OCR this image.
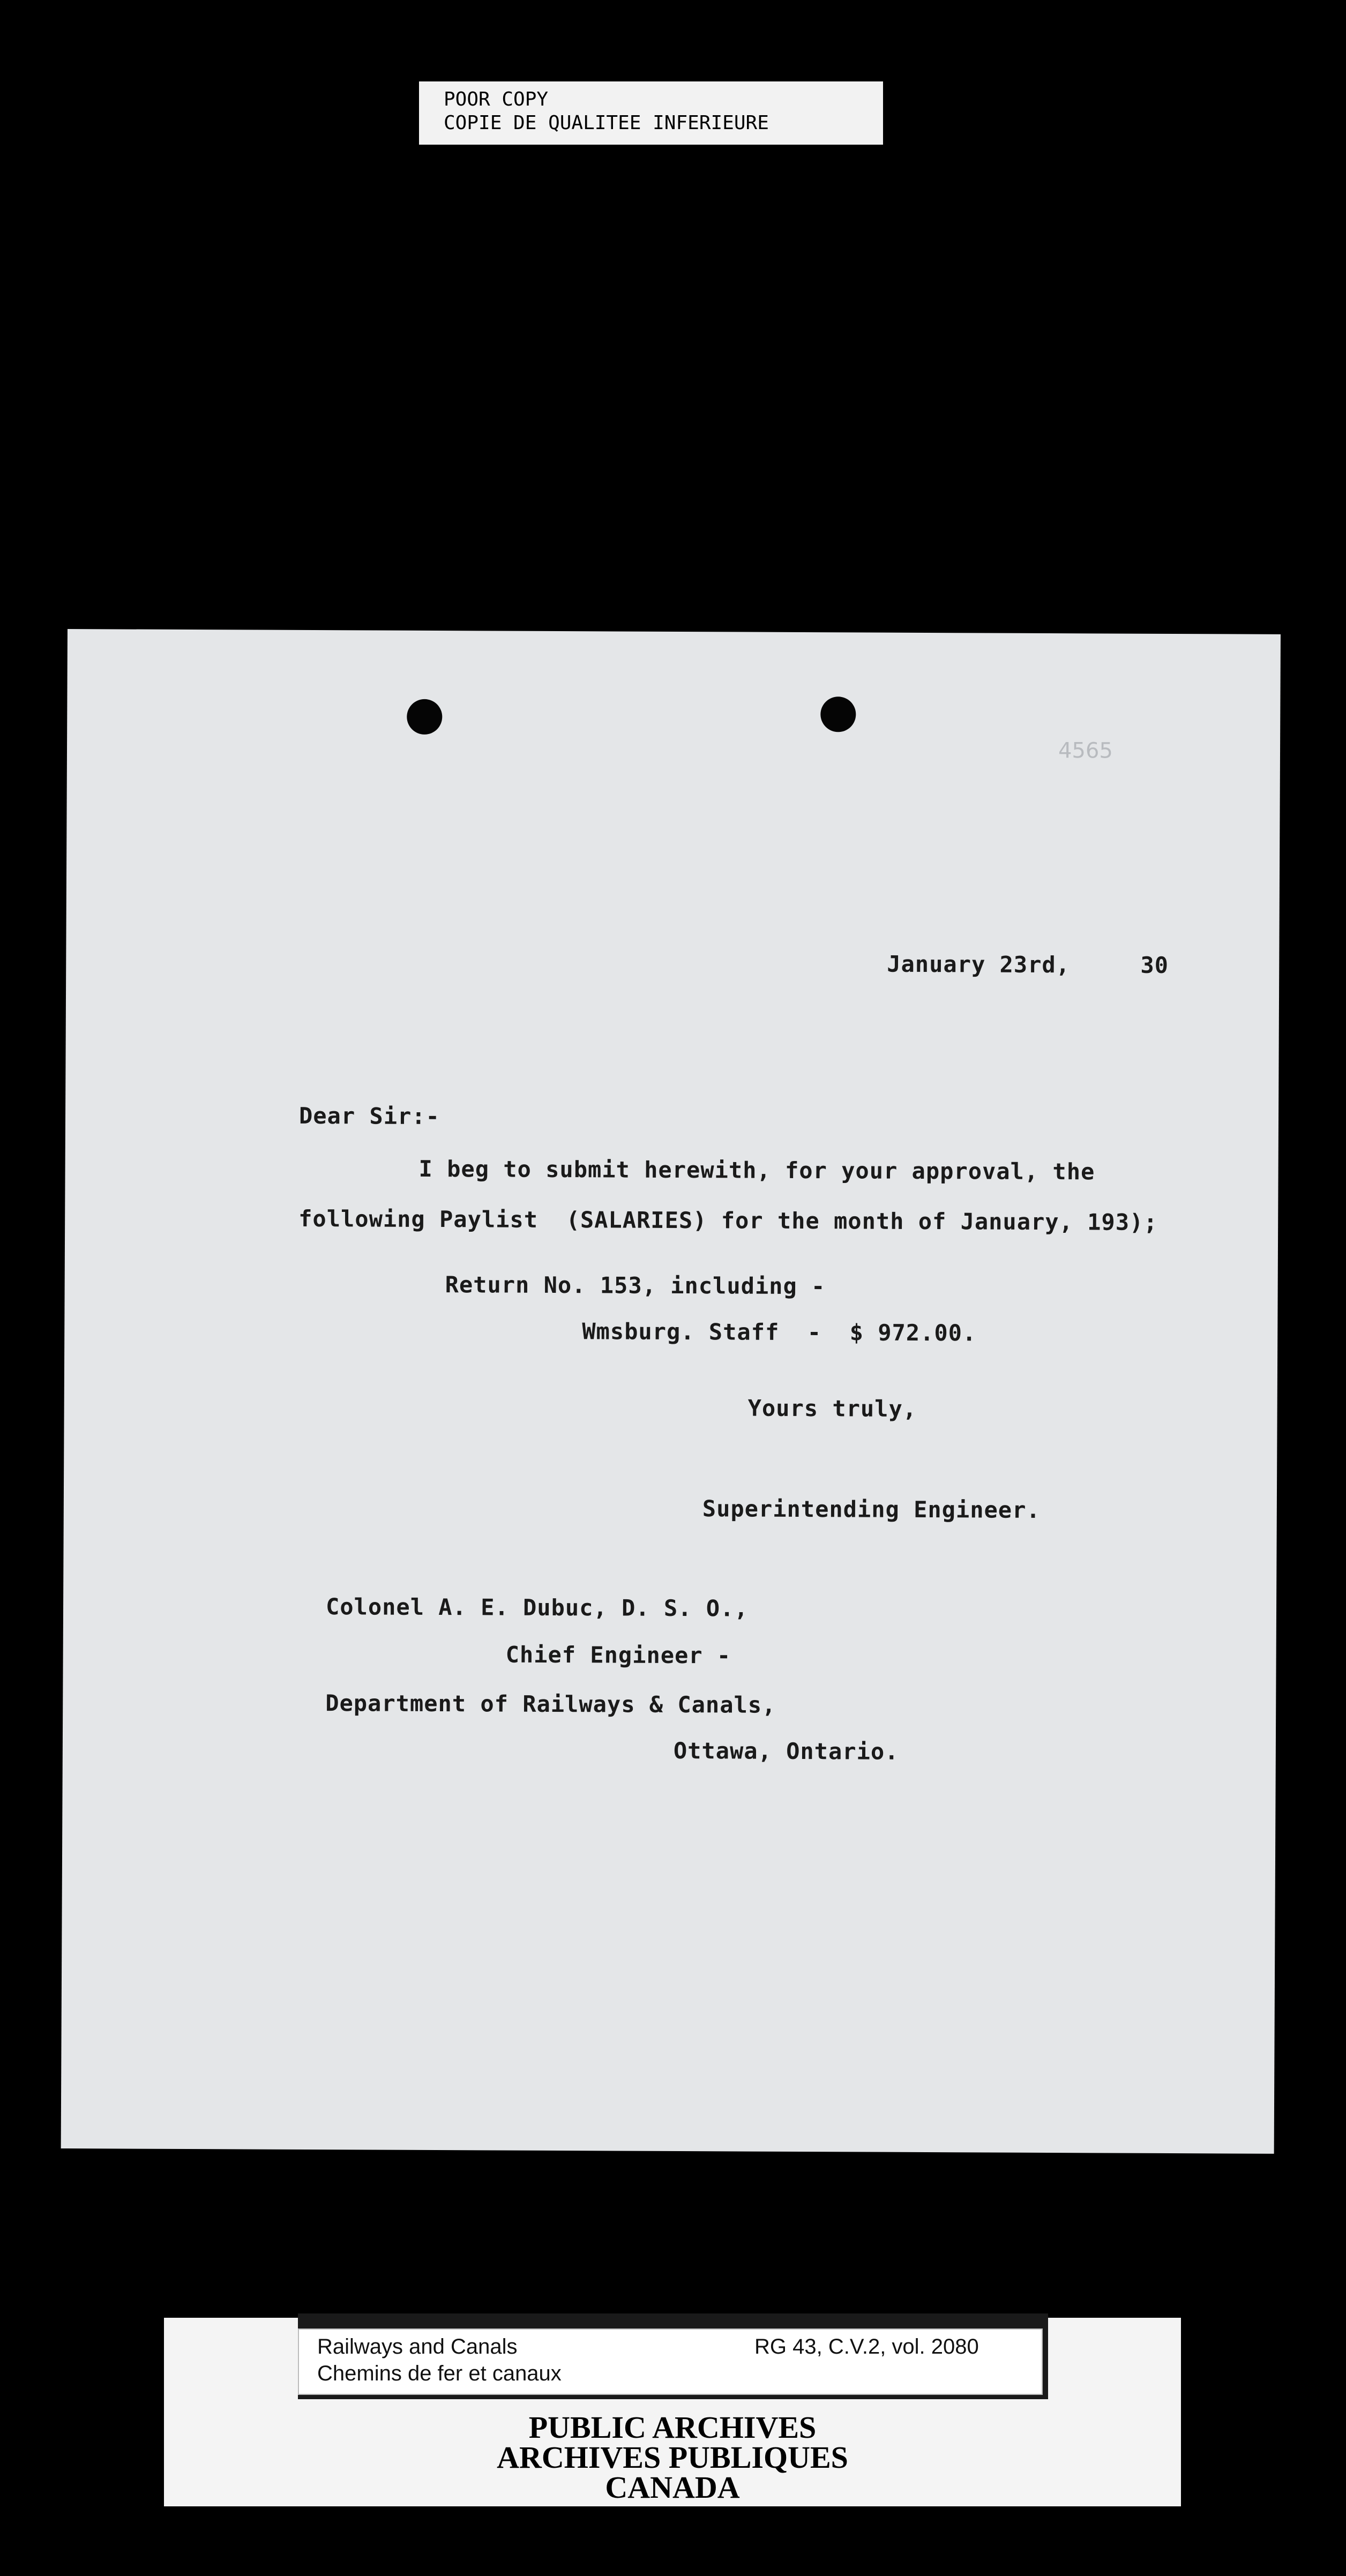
POOR COPY
COPIE DE QUALITEE INFERIEURE
4565
January 23rd,     30
Dear Sir:-
I beg to submit herewith, for your approval, the
following Paylist  (SALARIES) for the month of January, 193);
Return No. 153, including -
Wmsburg. Staff  -  $ 972.00.
Yours truly,
Superintending Engineer.
Colonel A. E. Dubuc, D. S. O.,
Chief Engineer -
Department of Railways & Canals,
Ottawa, Ontario.
Railways and Canals
Chemins de fer et canaux
RG 43, C.V.2, vol. 2080
PUBLIC ARCHIVES
ARCHIVES PUBLIQUES
CANADA
